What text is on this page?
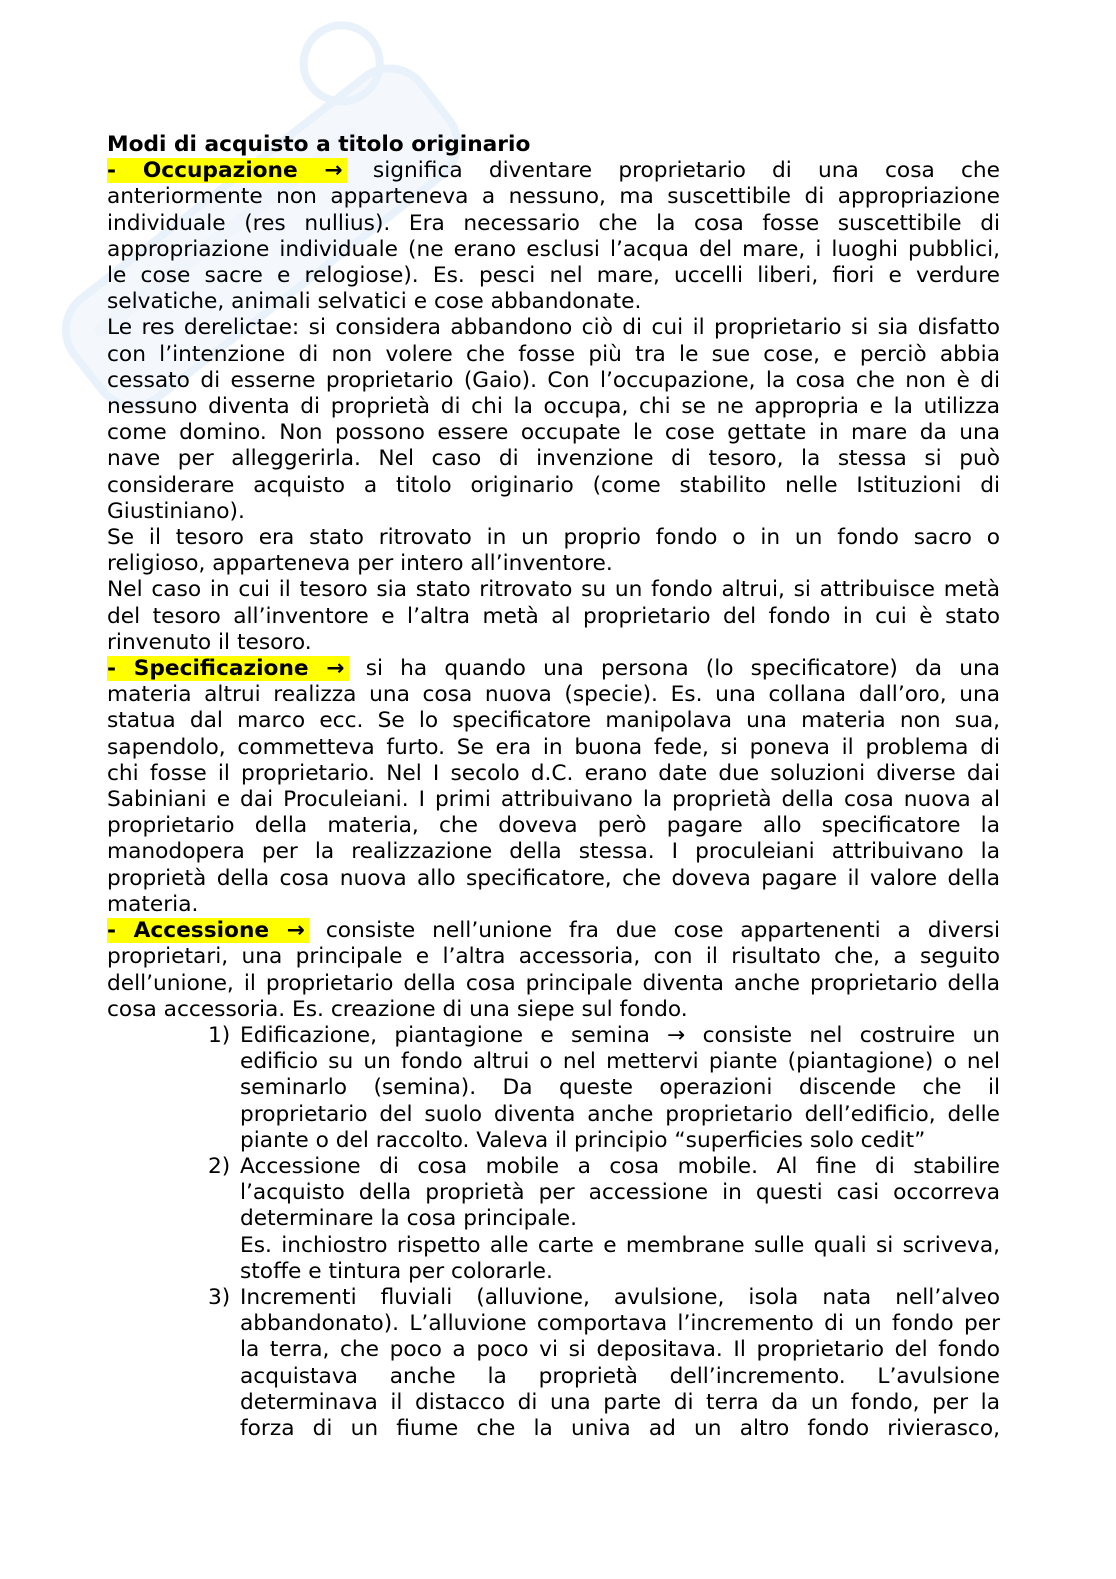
Modi di acquisto a titolo originario
- Occupazione → significa diventare proprietario di una cosa che
anteriormente non apparteneva a nessuno, ma suscettibile di appropriazione
individuale (res nullius). Era necessario che la cosa fosse suscettibile di
appropriazione individuale (ne erano esclusi l’acqua del mare, i luoghi pubblici,
le cose sacre e relogiose). Es. pesci nel mare, uccelli liberi, fiori e verdure
selvatiche, animali selvatici e cose abbandonate.
Le res derelictae: si considera abbandono ciò di cui il proprietario si sia disfatto
con l’intenzione di non volere che fosse più tra le sue cose, e perciò abbia
cessato di esserne proprietario (Gaio). Con l’occupazione, la cosa che non è di
nessuno diventa di proprietà di chi la occupa, chi se ne appropria e la utilizza
come domino. Non possono essere occupate le cose gettate in mare da una
nave per alleggerirla. Nel caso di invenzione di tesoro, la stessa si può
considerare acquisto a titolo originario (come stabilito nelle Istituzioni di
Giustiniano).
Se il tesoro era stato ritrovato in un proprio fondo o in un fondo sacro o
religioso, apparteneva per intero all’inventore.
Nel caso in cui il tesoro sia stato ritrovato su un fondo altrui, si attribuisce metà
del tesoro all’inventore e l’altra metà al proprietario del fondo in cui è stato
rinvenuto il tesoro.
- Specificazione → si ha quando una persona (lo specificatore) da una
materia altrui realizza una cosa nuova (specie). Es. una collana dall’oro, una
statua dal marco ecc. Se lo specificatore manipolava una materia non sua,
sapendolo, commetteva furto. Se era in buona fede, si poneva il problema di
chi fosse il proprietario. Nel I secolo d.C. erano date due soluzioni diverse dai
Sabiniani e dai Proculeiani. I primi attribuivano la proprietà della cosa nuova al
proprietario della materia, che doveva però pagare allo specificatore la
manodopera per la realizzazione della stessa. I proculeiani attribuivano la
proprietà della cosa nuova allo specificatore, che doveva pagare il valore della
materia.
- Accessione → consiste nell’unione fra due cose appartenenti a diversi
proprietari, una principale e l’altra accessoria, con il risultato che, a seguito
dell’unione, il proprietario della cosa principale diventa anche proprietario della
cosa accessoria. Es. creazione di una siepe sul fondo.
1) Edificazione, piantagione e semina → consiste nel costruire un
edificio su un fondo altrui o nel mettervi piante (piantagione) o nel
seminarlo (semina). Da queste operazioni discende che il
proprietario del suolo diventa anche proprietario dell’edificio, delle
piante o del raccolto. Valeva il principio “superficies solo cedit”
2) Accessione di cosa mobile a cosa mobile. Al fine di stabilire
l’acquisto della proprietà per accessione in questi casi occorreva
determinare la cosa principale.
Es. inchiostro rispetto alle carte e membrane sulle quali si scriveva,
stoffe e tintura per colorarle.
3) Incrementi fluviali (alluvione, avulsione, isola nata nell’alveo
abbandonato). L’alluvione comportava l’incremento di un fondo per
la terra, che poco a poco vi si depositava. Il proprietario del fondo
acquistava anche la proprietà dell’incremento. L’avulsione
determinava il distacco di una parte di terra da un fondo, per la
forza di un fiume che la univa ad un altro fondo rivierasco,
